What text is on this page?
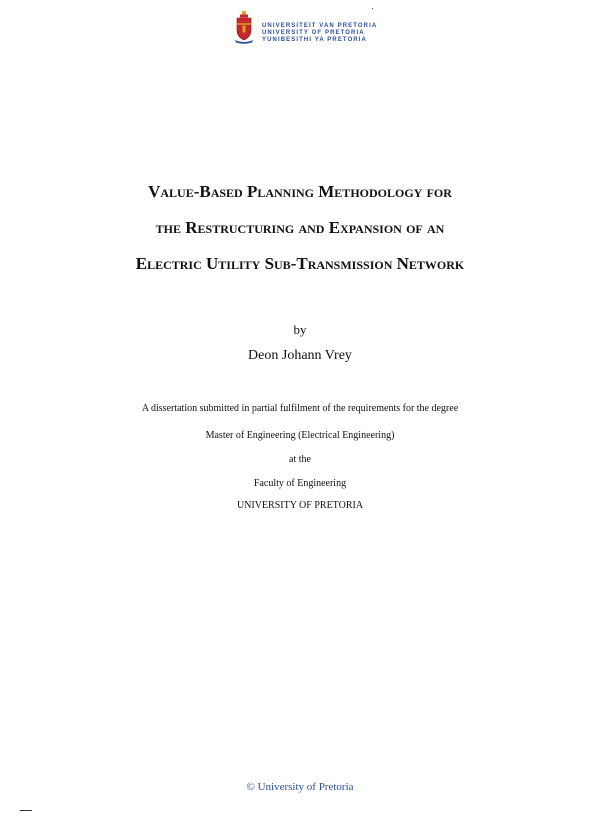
UNIVERSITEIT VAN PRETORIA
UNIVERSITY OF PRETORIA
YUNIBESITHI YA PRETORIA
Value-Based Planning Methodology for
the Restructuring and Expansion of an
Electric Utility Sub-Transmission Network
by
Deon Johann Vrey
A dissertation submitted in partial fulfilment of the requirements for the degree
Master of Engineering (Electrical Engineering)
at the
Faculty of Engineering
UNIVERSITY OF PRETORIA
© University of Pretoria
